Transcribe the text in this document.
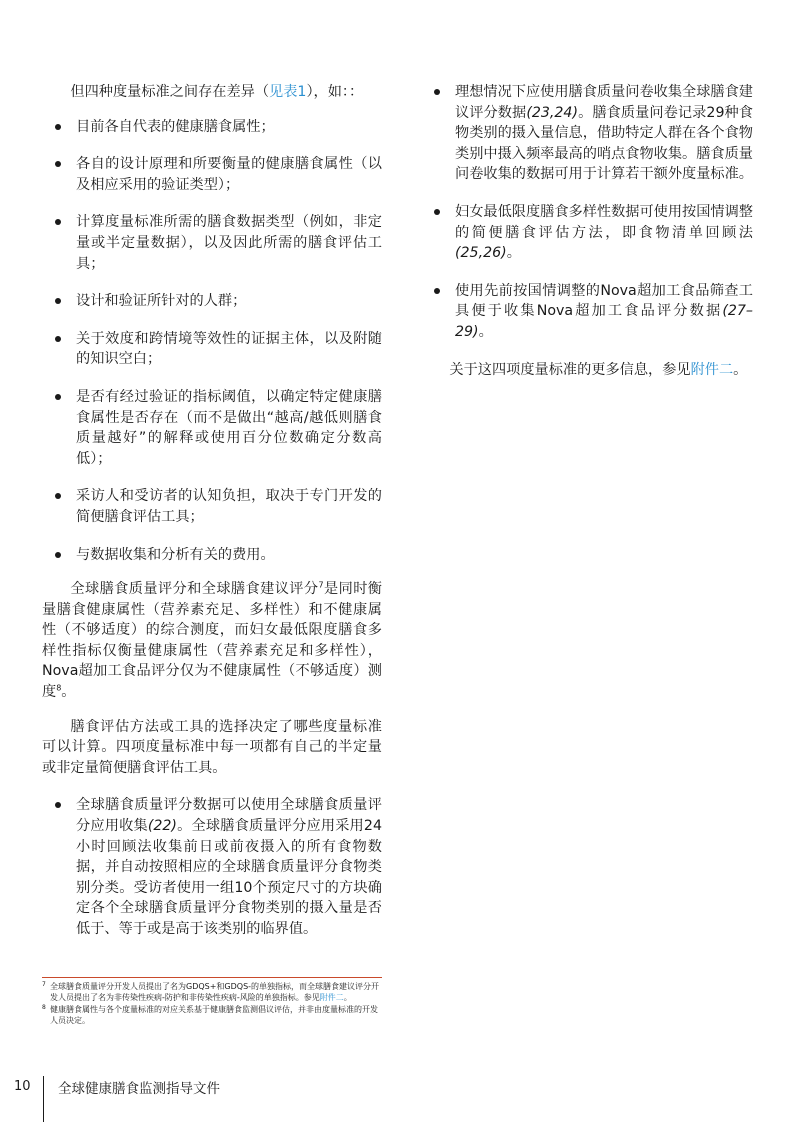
但四种度量标准之间存在差异（见表1），如：：

目前各自代表的健康膳食属性；
各自的设计原理和所要衡量的健康膳食属性（以及相应采用的验证类型）；
计算度量标准所需的膳食数据类型（例如，非定量或半定量数据），以及因此所需的膳食评估工具；
设计和验证所针对的人群；
关于效度和跨情境等效性的证据主体，以及附随的知识空白；
是否有经过验证的指标阈值，以确定特定健康膳食属性是否存在（而不是做出“越高/越低则膳食质量越好”的解释或使用百分位数确定分数高低）；
采访人和受访者的认知负担，取决于专门开发的简便膳食评估工具；
与数据收集和分析有关的费用。

全球膳食质量评分和全球膳食建议评分$^7$是同时衡量膳食健康属性（营养素充足、多样性）和不健康属性（不够适度）的综合测度，而妇女最低限度膳食多样性指标仅衡量健康属性（营养素充足和多样性），Nova超加工食品评分仅为不健康属性（不够适度）测度$^8$。

膳食评估方法或工具的选择决定了哪些度量标准可以计算。四项度量标准中每一项都有自己的半定量或非定量简便膳食评估工具。

全球膳食质量评分数据可以使用全球膳食质量评分应用收集(22)。全球膳食质量评分应用采用24小时回顾法收集前日或前夜摄入的所有食物数据，并自动按照相应的全球膳食质量评分食物类别分类。受访者使用一组10个预定尺寸的方块确定各个全球膳食质量评分食物类别的摄入量是否低于、等于或是高于该类别的临界值。
理想情况下应使用膳食质量问卷收集全球膳食建议评分数据(23,24)。膳食质量问卷记录29种食物类别的摄入量信息，借助特定人群在各个食物类别中摄入频率最高的哨点食物收集。膳食质量问卷收集的数据可用于计算若干额外度量标准。
妇女最低限度膳食多样性数据可使用按国情调整的简便膳食评估方法，即食物清单回顾法(25,26)。
使用先前按国情调整的Nova超加工食品筛查工具便于收集Nova超加工食品评分数据(27–29)。

关于这四项度量标准的更多信息，参见附件二。

7 全球膳食质量评分开发人员提出了名为GDQS+和GDQS-的单独指标，而全球膳食建议评分开发人员提出了名为非传染性疾病-防护和非传染性疾病-风险的单独指标。参见附件二。
8 健康膳食属性与各个度量标准的对应关系基于健康膳食监测倡议评估，并非由度量标准的开发人员决定。
10 全球健康膳食监测指导文件
